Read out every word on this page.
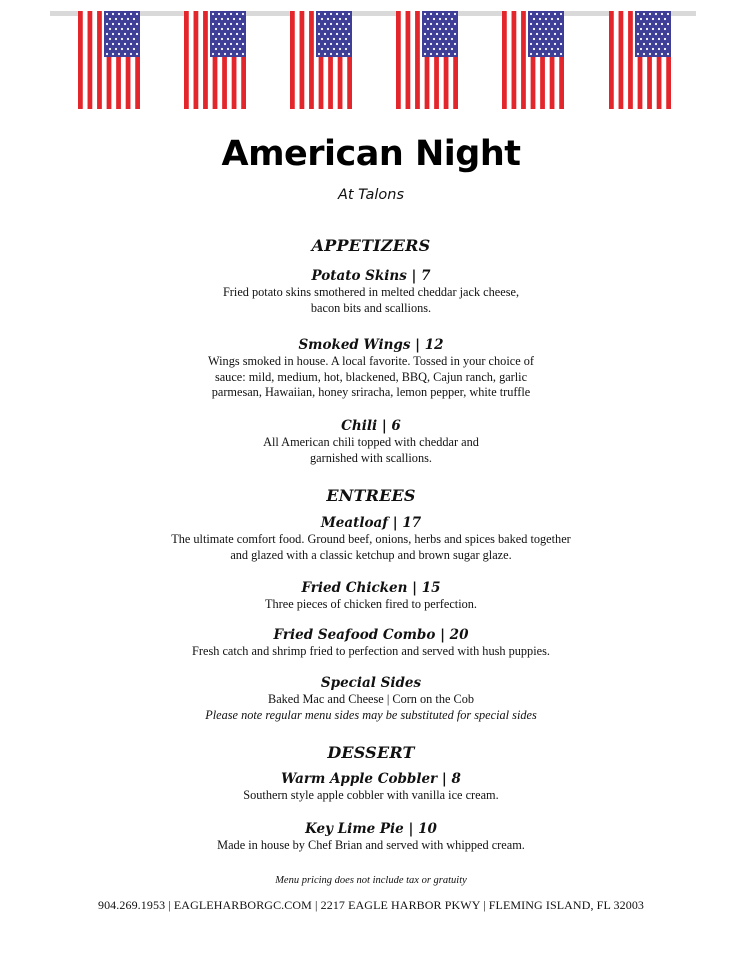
American Night
At Talons
APPETIZERS
Potato Skins | 7
Fried potato skins smothered in melted cheddar jack cheese,
bacon bits and scallions.
Smoked Wings | 12
Wings smoked in house. A local favorite. Tossed in your choice of
sauce: mild, medium, hot, blackened, BBQ, Cajun ranch, garlic
parmesan, Hawaiian, honey sriracha, lemon pepper, white truffle
Chili | 6
All American chili topped with cheddar and
garnished with scallions.
ENTREES
Meatloaf | 17
The ultimate comfort food. Ground beef, onions, herbs and spices baked together
and glazed with a classic ketchup and brown sugar glaze.
Fried Chicken | 15
Three pieces of chicken fired to perfection.
Fried Seafood Combo | 20
Fresh catch and shrimp fried to perfection and served with hush puppies.
Special Sides
Baked Mac and Cheese | Corn on the Cob
Please note regular menu sides may be substituted for special sides
DESSERT
Warm Apple Cobbler | 8
Southern style apple cobbler with vanilla ice cream.
Key Lime Pie | 10
Made in house by Chef Brian and served with whipped cream.
Menu pricing does not include tax or gratuity
904.269.1953 | EAGLEHARBORGC.COM | 2217 EAGLE HARBOR PKWY | FLEMING ISLAND, FL 32003
